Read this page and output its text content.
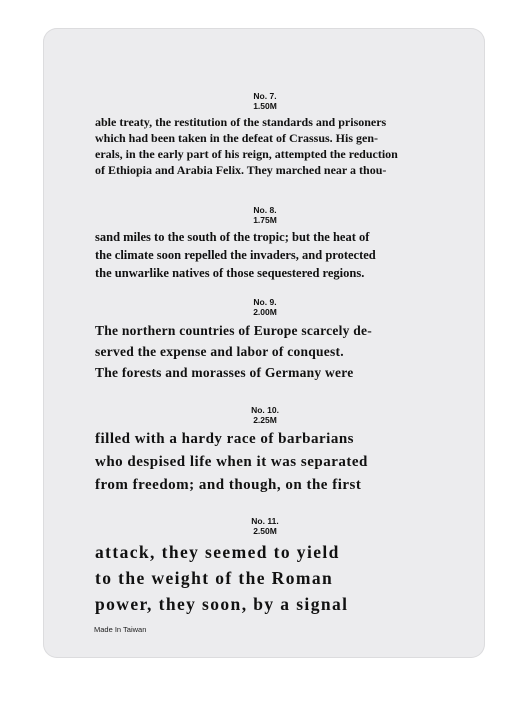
No. 7.
1.50M

able treaty, the restitution of the standards and prisoners
which had been taken in the defeat of Crassus. His gen-
erals, in the early part of his reign, attempted the reduction
of Ethiopia and Arabia Felix. They marched near a thou-

No. 8.
1.75M

sand miles to the south of the tropic; but the heat of
the climate soon repelled the invaders, and protected
the unwarlike natives of those sequestered regions.

No. 9.
2.00M

The northern countries of Europe scarcely de-
served the expense and labor of conquest.
The forests and morasses of Germany were

No. 10.
2.25M

filled with a hardy race of barbarians
who despised life when it was separated
from freedom; and though, on the first

No. 11.
2.50M

attack, they seemed to yield
to the weight of the Roman
power, they soon, by a signal

Made In Taiwan
